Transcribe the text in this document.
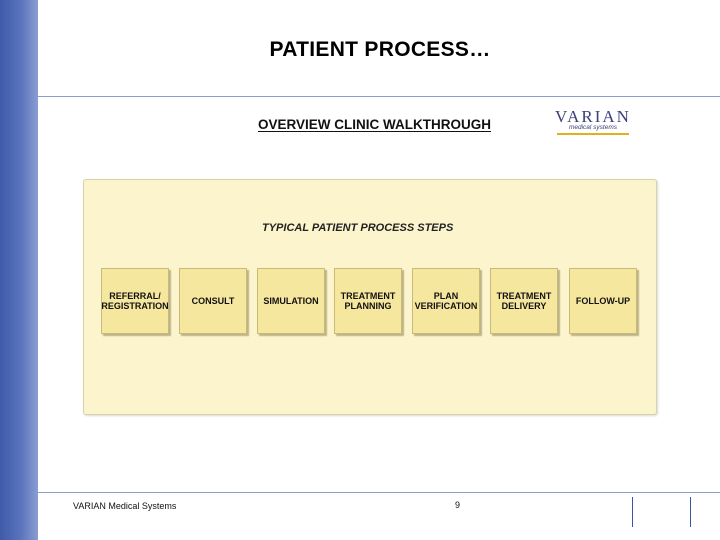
PATIENT PROCESS…
OVERVIEW CLINIC WALKTHROUGH	VARIAN
medical systems
TYPICAL PATIENT PROCESS STEPS
REFERRAL/
REGISTRATION	CONSULT	SIMULATION	TREATMENT
PLANNING
PLAN
VERIFICATION
TREATMENT
DELIVERY	FOLLOW-UP
VARIAN Medical Systems	9
